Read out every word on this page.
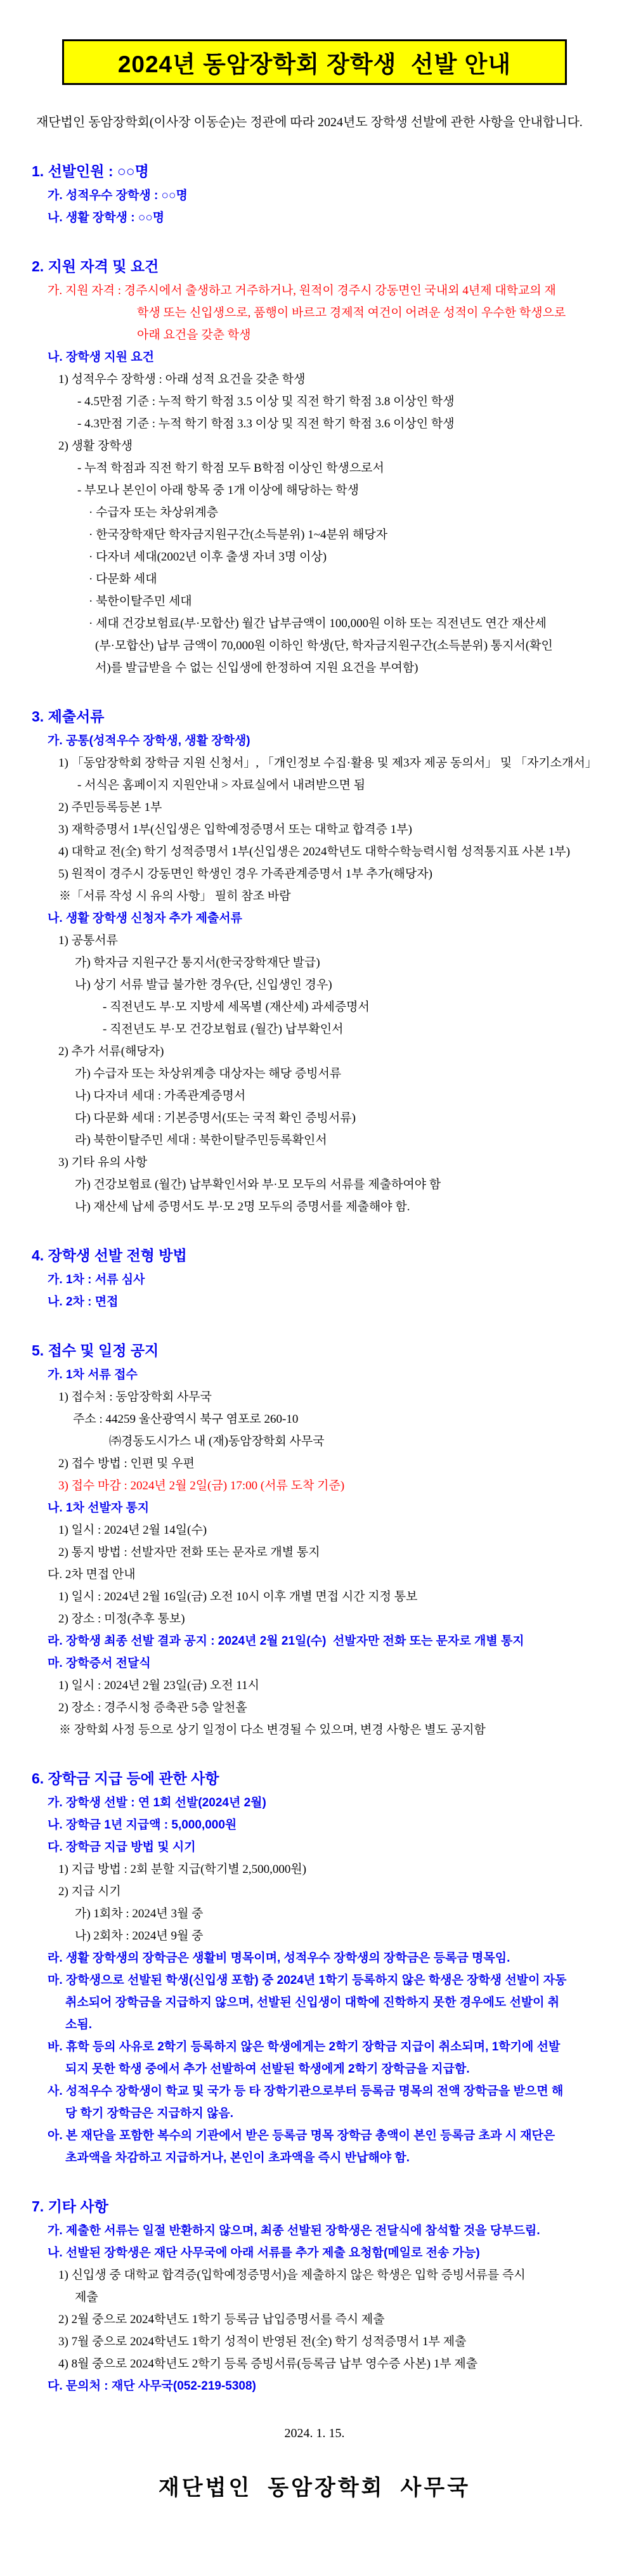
2024년 동암장학회 장학생  선발 안내
재단법인 동암장학회(이사장 이동순)는 정관에 따라 2024년도 장학생 선발에 관한 사항을 안내합니다.
1. 선발인원 : ○○명
가. 성적우수 장학생 : ○○명
나. 생활 장학생 : ○○명
2. 지원 자격 및 요건
가. 지원 자격 : 경주시에서 출생하고 거주하거나, 원적이 경주시 강동면인 국내외 4년제 대학교의 재
학생 또는 신입생으로, 품행이 바르고 경제적 여건이 어려운 성적이 우수한 학생으로
아래 요건을 갖춘 학생
나. 장학생 지원 요건
1) 성적우수 장학생 : 아래 성적 요건을 갖춘 학생
- 4.5만점 기준 : 누적 학기 학점 3.5 이상 및 직전 학기 학점 3.8 이상인 학생
- 4.3만점 기준 : 누적 학기 학점 3.3 이상 및 직전 학기 학점 3.6 이상인 학생
2) 생활 장학생
- 누적 학점과 직전 학기 학점 모두 B학점 이상인 학생으로서
- 부모나 본인이 아래 항목 중 1개 이상에 해당하는 학생
· 수급자 또는 차상위계층
· 한국장학재단 학자금지원구간(소득분위) 1~4분위 해당자
· 다자녀 세대(2002년 이후 출생 자녀 3명 이상)
· 다문화 세대
· 북한이탈주민 세대
· 세대 건강보험료(부·모합산) 월간 납부금액이 100,000원 이하 또는 직전년도 연간 재산세
(부·모합산) 납부 금액이 70,000원 이하인 학생(단, 학자금지원구간(소득분위) 통지서(확인
서)를 발급받을 수 없는 신입생에 한정하여 지원 요건을 부여함)
3. 제출서류
가. 공통(성적우수 장학생, 생활 장학생)
1) 「동암장학회 장학금 지원 신청서」, 「개인정보 수집·활용 및 제3자 제공 동의서」 및 「자기소개서」
- 서식은 홈페이지 지원안내 > 자료실에서 내려받으면 됨
2) 주민등록등본 1부
3) 재학증명서 1부(신입생은 입학예정증명서 또는 대학교 합격증 1부)
4) 대학교 전(全) 학기 성적증명서 1부(신입생은 2024학년도 대학수학능력시험 성적통지표 사본 1부)
5) 원적이 경주시 강동면인 학생인 경우 가족관계증명서 1부 추가(해당자)
※「서류 작성 시 유의 사항」 필히 참조 바람
나. 생활 장학생 신청자 추가 제출서류
1) 공통서류
가) 학자금 지원구간 통지서(한국장학재단 발급)
나) 상기 서류 발급 불가한 경우(단, 신입생인 경우)
- 직전년도 부·모 지방세 세목별 (재산세) 과세증명서
- 직전년도 부·모 건강보험료 (월간) 납부확인서
2) 추가 서류(해당자)
가) 수급자 또는 차상위계층 대상자는 해당 증빙서류
나) 다자녀 세대 : 가족관계증명서
다) 다문화 세대 : 기본증명서(또는 국적 확인 증빙서류)
라) 북한이탈주민 세대 : 북한이탈주민등록확인서
3) 기타 유의 사항
가) 건강보험료 (월간) 납부확인서와 부·모 모두의 서류를 제출하여야 함
나) 재산세 납세 증명서도 부·모 2명 모두의 증명서를 제출해야 함.
4. 장학생 선발 전형 방법
가. 1차 : 서류 심사
나. 2차 : 면접
5. 접수 및 일정 공지
가. 1차 서류 접수
1) 접수처 : 동암장학회 사무국
주소 : 44259 울산광역시 북구 염포로 260-10
㈜경동도시가스 내 (재)동암장학회 사무국
2) 접수 방법 : 인편 및 우편
3) 접수 마감 : 2024년 2월 2일(금) 17:00 (서류 도착 기준)
나. 1차 선발자 통지
1) 일시 : 2024년 2월 14일(수)
2) 통지 방법 : 선발자만 전화 또는 문자로 개별 통지
다. 2차 면접 안내
1) 일시 : 2024년 2월 16일(금) 오전 10시 이후 개별 면접 시간 지정 통보
2) 장소 : 미정(추후 통보)
라. 장학생 최종 선발 결과 공지 : 2024년 2월 21일(수)  선발자만 전화 또는 문자로 개별 통지
마. 장학증서 전달식
1) 일시 : 2024년 2월 23일(금) 오전 11시
2) 장소 : 경주시청 증축관 5층 알천홀
※ 장학회 사정 등으로 상기 일정이 다소 변경될 수 있으며, 변경 사항은 별도 공지함
6. 장학금 지급 등에 관한 사항
가. 장학생 선발 : 연 1회 선발(2024년 2월)
나. 장학금 1년 지급액 : 5,000,000원
다. 장학금 지급 방법 및 시기
1) 지급 방법 : 2회 분할 지급(학기별 2,500,000원)
2) 지급 시기
가) 1회차 : 2024년 3월 중
나) 2회차 : 2024년 9월 중
라. 생활 장학생의 장학금은 생활비 명목이며, 성적우수 장학생의 장학금은 등록금 명목임.
마. 장학생으로 선발된 학생(신입생 포함) 중 2024년 1학기 등록하지 않은 학생은 장학생 선발이 자동
취소되어 장학금을 지급하지 않으며, 선발된 신입생이 대학에 진학하지 못한 경우에도 선발이 취
소됨.
바. 휴학 등의 사유로 2학기 등록하지 않은 학생에게는 2학기 장학금 지급이 취소되며, 1학기에 선발
되지 못한 학생 중에서 추가 선발하여 선발된 학생에게 2학기 장학금을 지급함.
사. 성적우수 장학생이 학교 및 국가 등 타 장학기관으로부터 등록금 명목의 전액 장학금을 받으면 해
당 학기 장학금은 지급하지 않음.
아. 본 재단을 포함한 복수의 기관에서 받은 등록금 명목 장학금 총액이 본인 등록금 초과 시 재단은
초과액을 차감하고 지급하거나, 본인이 초과액을 즉시 반납해야 함.
7. 기타 사항
가. 제출한 서류는 일절 반환하지 않으며, 최종 선발된 장학생은 전달식에 참석할 것을 당부드림.
나. 선발된 장학생은 재단 사무국에 아래 서류를 추가 제출 요청함(메일로 전송 가능)
1) 신입생 중 대학교 합격증(입학예정증명서)을 제출하지 않은 학생은 입학 증빙서류를 즉시
제출
2) 2월 중으로 2024학년도 1학기 등록금 납입증명서를 즉시 제출
3) 7월 중으로 2024학년도 1학기 성적이 반영된 전(全) 학기 성적증명서 1부 제출
4) 8월 중으로 2024학년도 2학기 등록 증빙서류(등록금 납부 영수증 사본) 1부 제출
다. 문의처 : 재단 사무국(052-219-5308)
2024. 1. 15.
재단법인  동암장학회  사무국
